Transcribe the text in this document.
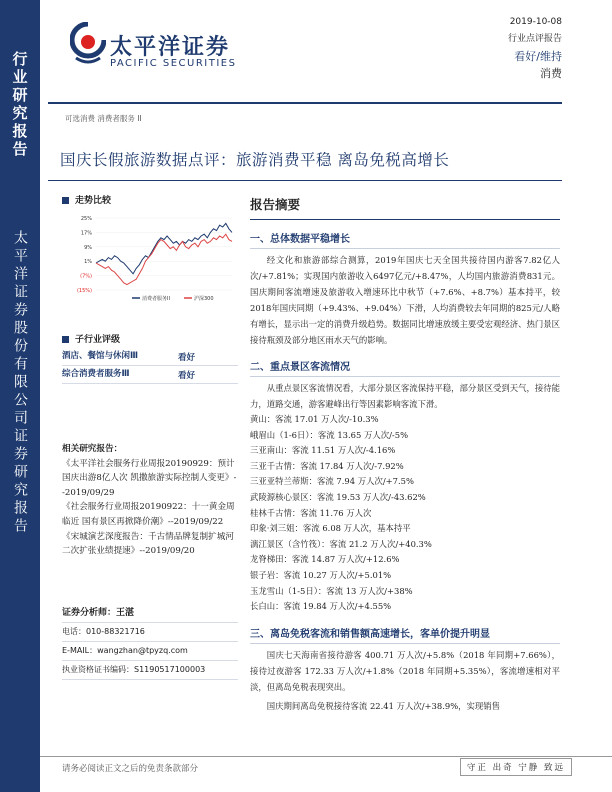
行业研究报告
太平洋证券股份有限公司证券研究报告
太平洋证券
PACIFIC SECURITIES
2019-10-08
行业点评报告
看好/维持
消费
可选消费 消费者服务 II
国庆长假旅游数据点评：旅游消费平稳 离岛免税高增长
走势比较
25%
17%
9%
1%
(7%)
(15%)
消费者服务II	沪深300
子行业评级
酒店、餐馆与休闲Ⅲ	看好
综合消费者服务Ⅲ	看好
相关研究报告：
《太平洋社会服务行业周报20190929：预计国庆出游8亿人次 凯撒旅游实际控制人变更》--2019/09/29
《社会服务行业周报20190922：十一黄金周临近 国有景区再掀降价潮》--2019/09/22
《宋城演艺深度报告：千古情品牌复制扩城河 二次扩张业绩提速》--2019/09/20
证券分析师：王湛
电话：010-88321716
E-MAIL：wangzhan@tpyzq.com
执业资格证书编码：S1190517100003
报告摘要
一、总体数据平稳增长
经文化和旅游部综合测算，2019年国庆七天全国共接待国内游客7.82亿人次/+7.81%；实现国内旅游收入6497亿元/+8.47%，人均国内旅游消费831元。国庆期间客流增速及旅游收入增速环比中秋节（+7.6%、+8.7%）基本持平，较2018年国庆同期（+9.43%、+9.04%）下滑，人均消费较去年同期的825元/人略有增长，显示出一定的消费升级趋势。数据同比增速放缓主要受宏观经济、热门景区接待瓶颈及部分地区雨水天气的影响。
二、重点景区客流情况
从重点景区客流情况看，大部分景区客流保持平稳，部分景区受到天气，接待能力，道路交通，游客避峰出行等因素影响客流下滑。
黄山：客流 17.01 万人次/-10.3%
峨眉山（1-6日）：客流 13.65 万人次/-5%
三亚南山：客流 11.51 万人次/-4.16%
三亚千古情：客流 17.84 万人次/-7.92%
三亚亚特兰蒂斯：客流 7.94 万人次/+7.5%
武陵源核心景区：客流 19.53 万人次/-43.62%
桂林千古情：客流 11.76 万人次
印象·刘三姐：客流 6.08 万人次，基本持平
漓江景区（含竹筏）：客流 21.2 万人次/+40.3%
龙脊梯田：客流 14.87 万人次/+12.6%
银子岩：客流 10.27 万人次/+5.01%
玉龙雪山（1-5日）：客流 13 万人次/+38%
长白山：客流 19.84 万人次/+4.55%
三、离岛免税客流和销售额高速增长，客单价提升明显
国庆七天海南省接待游客 400.71 万人次/+5.8%（2018 年同期+7.66%），接待过夜游客 172.33 万人次/+1.8%（2018 年同期+5.35%），客流增速相对平淡，但离岛免税表现突出。
国庆期间离岛免税接待客流 22.41 万人次/+38.9%，实现销售
请务必阅读正文之后的免责条款部分	守正 出奇 宁静 致远
